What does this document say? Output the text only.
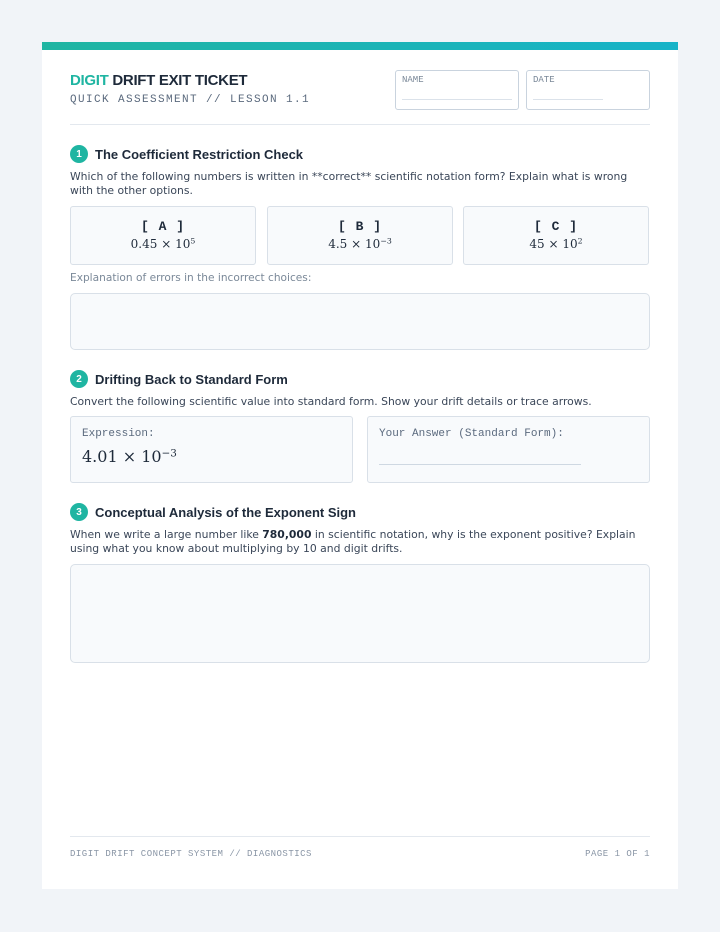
DIGIT DRIFT EXIT TICKET
QUICK ASSESSMENT // LESSON 1.1
NAME	DATE
1	The Coefficient Restriction Check
Which of the following numbers is written in **correct** scientific notation form? Explain what is wrong with the other options.
[ A ]
$0.45 \times 10^5$
[ B ]
$4.5 \times 10^{-3}$
[ C ]
$45 \times 10^2$
Explanation of errors in the incorrect choices:
2	Drifting Back to Standard Form
Convert the following scientific value into standard form. Show your drift details or trace arrows.
Expression:
$4.01 \times 10^{-3}$
Your Answer (Standard Form):
3	Conceptual Analysis of the Exponent Sign
When we write a large number like 780,000 in scientific notation, why is the exponent positive? Explain using what you know about multiplying by 10 and digit drifts.
DIGIT DRIFT CONCEPT SYSTEM // DIAGNOSTICS	PAGE 1 OF 1
